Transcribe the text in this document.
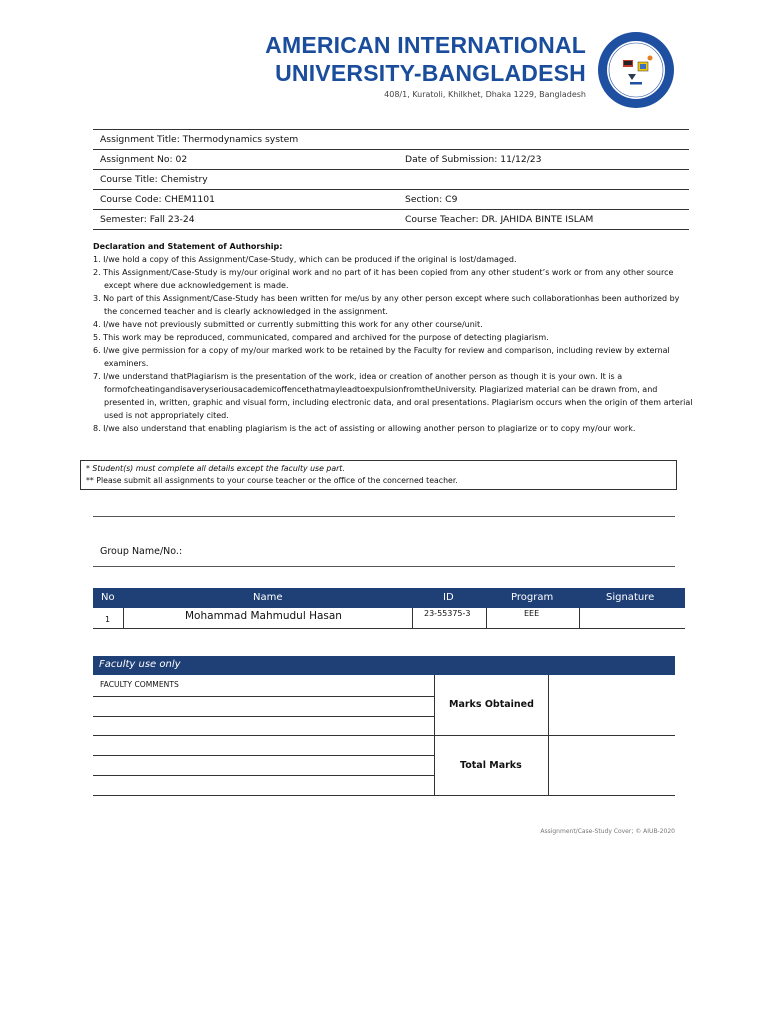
AMERICAN INTERNATIONAL
UNIVERSITY-BANGLADESH
408/1, Kuratoli, Khilkhet, Dhaka 1229, Bangladesh
Assignment Title: Thermodynamics system
Assignment No: 02	Date of Submission: 11/12/23
Course Title: Chemistry
Course Code: CHEM1101	Section: C9
Semester: Fall 23-24	Course Teacher: DR. JAHIDA BINTE ISLAM
Declaration and Statement of Authorship:
1. I/we hold a copy of this Assignment/Case-Study, which can be produced if the original is lost/damaged.
2. This Assignment/Case-Study is my/our original work and no part of it has been copied from any other student’s work or from any other source except where due acknowledgement is made.
3. No part of this Assignment/Case-Study has been written for me/us by any other person except where such collaborationhas been authorized by the concerned teacher and is clearly acknowledged in the assignment.
4. I/we have not previously submitted or currently submitting this work for any other course/unit.
5. This work may be reproduced, communicated, compared and archived for the purpose of detecting plagiarism.
6. I/we give permission for a copy of my/our marked work to be retained by the Faculty for review and comparison, including review by external examiners.
7. I/we understand thatPlagiarism is the presentation of the work, idea or creation of another person as though it is your own. It is a formofcheatingandisaveryseriousacademicoffencethatmayleadtoexpulsionfromtheUniversity. Plagiarized material can be drawn from, and presented in, written, graphic and visual form, including electronic data, and oral presentations. Plagiarism occurs when the origin of them arterial used is not appropriately cited.
8. I/we also understand that enabling plagiarism is the act of assisting or allowing another person to plagiarize or to copy my/our work.
* Student(s) must complete all details except the faculty use part.
** Please submit all assignments to your course teacher or the office of the concerned teacher.
Group Name/No.:
No	Name	ID	Program	Signature
1	Mohammad Mahmudul Hasan	23-55375-3	EEE
Faculty use only
FACULTY COMMENTS
Marks Obtained
Total Marks
Assignment/Case-Study Cover; © AIUB-2020
